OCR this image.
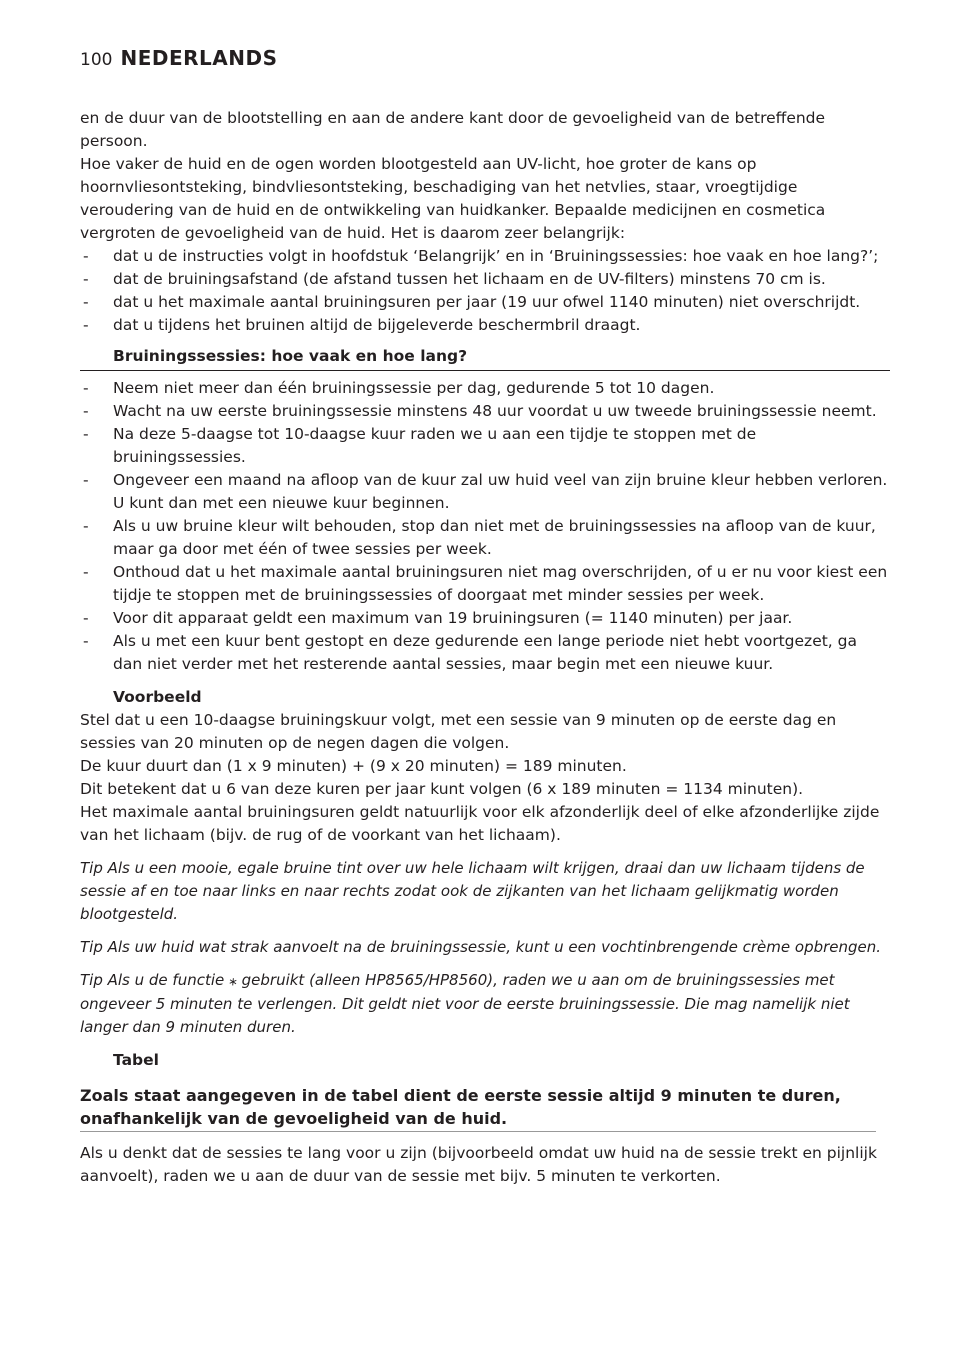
100 NEDERLANDS

en de duur van de blootstelling en aan de andere kant door de gevoeligheid van de betreffende persoon.

Hoe vaker de huid en de ogen worden blootgesteld aan UV-licht, hoe groter de kans op hoornvliesontsteking, bindvliesontsteking, beschadiging van het netvlies, staar, vroegtijdige veroudering van de huid en de ontwikkeling van huidkanker. Bepaalde medicijnen en cosmetica vergroten de gevoeligheid van de huid. Het is daarom zeer belangrijk:

- dat u de instructies volgt in hoofdstuk ‘Belangrijk’ en in ‘Bruiningssessies: hoe vaak en hoe lang?’;
- dat de bruiningsafstand (de afstand tussen het lichaam en de UV-filters) minstens 70 cm is.
- dat u het maximale aantal bruiningsuren per jaar (19 uur ofwel 1140 minuten) niet overschrijdt.
- dat u tijdens het bruinen altijd de bijgeleverde beschermbril draagt.
Bruiningssessies: hoe vaak en hoe lang?
- Neem niet meer dan één bruiningssessie per dag, gedurende 5 tot 10 dagen.
- Wacht na uw eerste bruiningssessie minstens 48 uur voordat u uw tweede bruiningssessie neemt.
- Na deze 5-daagse tot 10-daagse kuur raden we u aan een tijdje te stoppen met de bruiningssessies.
- Ongeveer een maand na afloop van de kuur zal uw huid veel van zijn bruine kleur hebben verloren. U kunt dan met een nieuwe kuur beginnen.
- Als u uw bruine kleur wilt behouden, stop dan niet met de bruiningssessies na afloop van de kuur, maar ga door met één of twee sessies per week.
- Onthoud dat u het maximale aantal bruiningsuren niet mag overschrijden, of u er nu voor kiest een tijdje te stoppen met de bruiningssessies of doorgaat met minder sessies per week.
- Voor dit apparaat geldt een maximum van 19 bruiningsuren (= 1140 minuten) per jaar.
- Als u met een kuur bent gestopt en deze gedurende een lange periode niet hebt voortgezet, ga dan niet verder met het resterende aantal sessies, maar begin met een nieuwe kuur.
Voorbeeld

Stel dat u een 10-daagse bruiningskuur volgt, met een sessie van 9 minuten op de eerste dag en sessies van 20 minuten op de negen dagen die volgen.

De kuur duurt dan (1 x 9 minuten) + (9 x 20 minuten) = 189 minuten.

Dit betekent dat u 6 van deze kuren per jaar kunt volgen (6 x 189 minuten = 1134 minuten).

Het maximale aantal bruiningsuren geldt natuurlijk voor elk afzonderlijk deel of elke afzonderlijke zijde van het lichaam (bijv. de rug of de voorkant van het lichaam).

Tip Als u een mooie, egale bruine tint over uw hele lichaam wilt krijgen, draai dan uw lichaam tijdens de sessie af en toe naar links en naar rechts zodat ook de zijkanten van het lichaam gelijkmatig worden blootgesteld.

Tip Als uw huid wat strak aanvoelt na de bruiningssessie, kunt u een vochtinbrengende crème opbrengen.

Tip Als u de functie ⚹ gebruikt (alleen HP8565/HP8560), raden we u aan om de bruiningssessies met ongeveer 5 minuten te verlengen. Dit geldt niet voor de eerste bruiningssessie. Die mag namelijk niet langer dan 9 minuten duren.

Tabel

Zoals staat aangegeven in de tabel dient de eerste sessie altijd 9 minuten te duren, onafhankelijk van de gevoeligheid van de huid.

Als u denkt dat de sessies te lang voor u zijn (bijvoorbeeld omdat uw huid na de sessie trekt en pijnlijk aanvoelt), raden we u aan de duur van de sessie met bijv. 5 minuten te verkorten.
